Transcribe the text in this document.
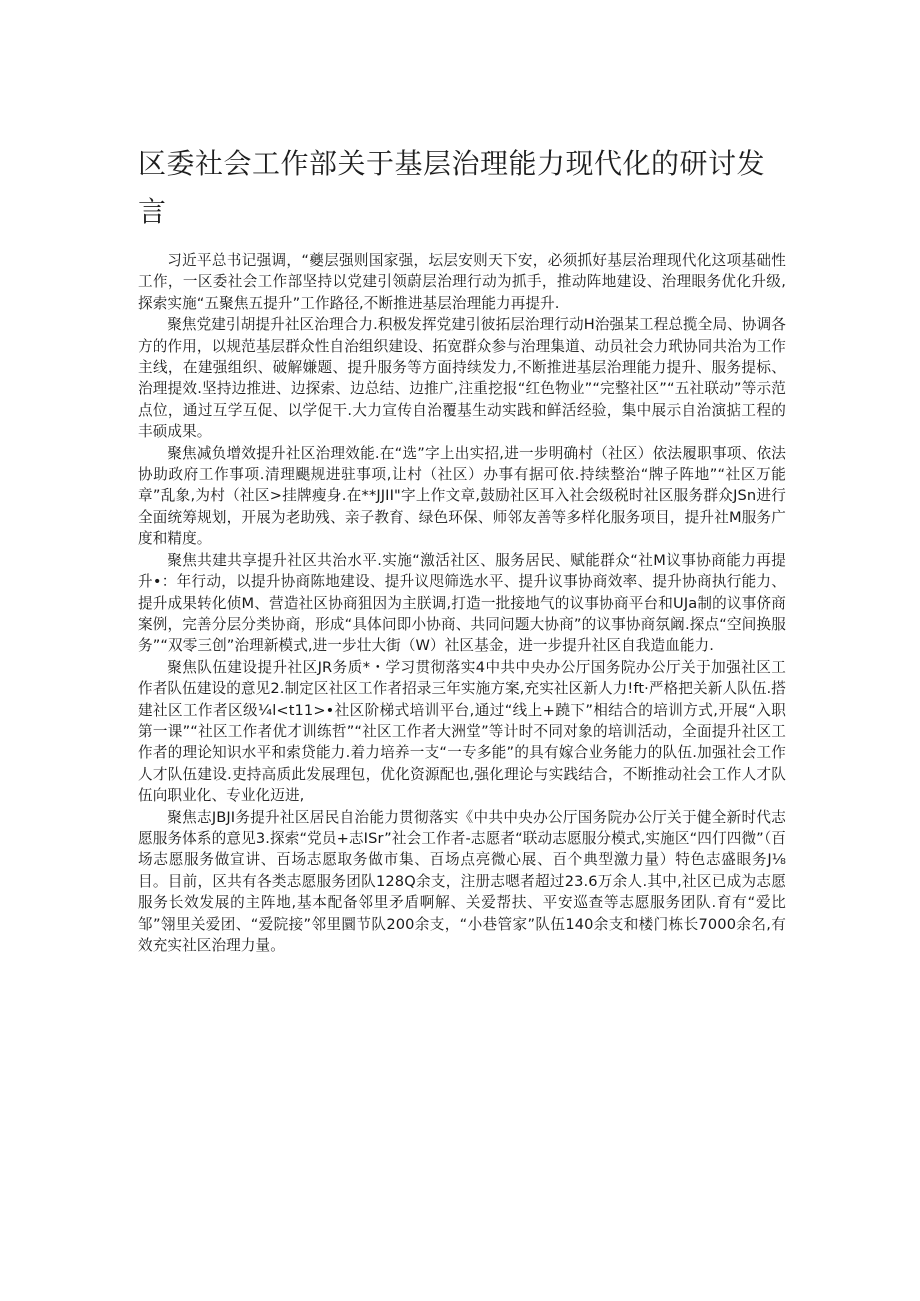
区委社会工作部关于基层治理能力现代化的研讨发言

习近平总书记强调，“夔层强则国家强，坛层安则天下安，必须抓好基层治理现代化这项基础性工作，一区委社会工作部坚持以党建引领蔚层治理行动为抓手，推动阵地建设、治理眼务优化升级,探索实施“五聚焦五提升”工作路径,不断推进基层治理能力再提升.

聚焦党建引胡提升社区治理合力.积极发挥党建引彼拓层治理行动H治强某工程总揽全局、协调各方的作用，以规范基层群众性自治组织建设、拓宽群众参与治理集道、动员社会力玳协同共治为工作主线，在建强组织、破解嫌题、提升服务等方面持续发力,不断推进基层治理能力提升、服务提标、治理提效.坚持边推进、边探索、边总结、边推广,注重挖报“红色物业”“完整社区”“五社联动”等示范点位，通过互学互促、以学促干.大力宣传自治覆基生动实践和鲜活经验，集中展示自治演掂工程的丰硕成果。

聚焦减负增效提升社区治理效能.在“选”字上出实招,进一步明确村（社区）依法履职事项、依法协助政府工作事项.清理颶规进驻事项,让村（社区）办事有据可依.持续整治“牌子阵地”“社区万能章”乱象,为村（社区>挂牌瘦身.在**JJII"字上作文章,鼓励社区耳入社会级税时社区服务群众JSn进行全面统筹规划，开展为老助残、亲子教育、绿色环保、师邻友善等多样化服务项目，提升社M服务广度和精度。

聚焦共建共享提升社区共治水平.实施“激活社区、服务居民、赋能群众“社M议事协商能力再提升•：年行动，以提升协商陈地建设、提升议咫筛选水平、提升议事协商效率、提升协商执行能力、提升成果转化侦M、营造社区协商狙因为主朕调,打造一批接地气的议事协商平台和UJa制的议事侪商案例，完善分层分类协商，形成“具体问即小协商、共同问题大协商”的议事协商氛阚.探点“空间换服务”“双零三创”治理新模式,进一步壮大街（W）社区基金，进一步提升社区自我造血能力.

聚焦队伍建设提升社区JR务质*・学习贯彻落实4中共中央办公厅国务院办公厅关于加强社区工作者队伍建设的意见2.制定区社区工作者招录三年实施方案,充实社区新人力!ft·严格把关新人队伍.搭建社区工作者区级¼l<t11>•社区阶梯式培训平台,通过“线上+蹺下”相结合的培训方式,开展“入职第一课”“社区工作者优才训练哲”“社区工作者大洲堂”等计时不同对象的培训活动，全面提升社区工作者的理论知识水平和索贷能力.着力培养一支“一专多能”的具有嫁合业务能力的队伍.加强社会工作人才队伍建设.吏持高质此发展理包，优化资源配也,强化理论与实践结合，不断推动社会工作人才队伍向职业化、专业化迈进,

聚焦志JBJI务提升社区居民自治能力贯彻落实《中共中央办公厅国务院办公厅关于健全新时代志愿服务体系的意见3.探索“党员+志ISr”社会工作者-志愿者“联动志愿服分模式,实施区“四仃四微”（百场志愿服务做宣讲、百场志愿取务做市集、百场点亮微心展、百个典型激力量）特色志盛眼务J⅛目。目前，区共有各类志愿服务团队128Q余支，注册志嗯者超过23.6万余人.其中,社区已成为志愿服务长效发展的主阵地,基本配备邻里矛盾啊解、关爱帮扶、平安巡查等志愿服务团队.育有“爱比邹”翎里关爱团、“爱院接”邻里圜节队200余支，“小巷管家”队伍140余支和楼门栋长7000余名,有效充实社区治理力量。
